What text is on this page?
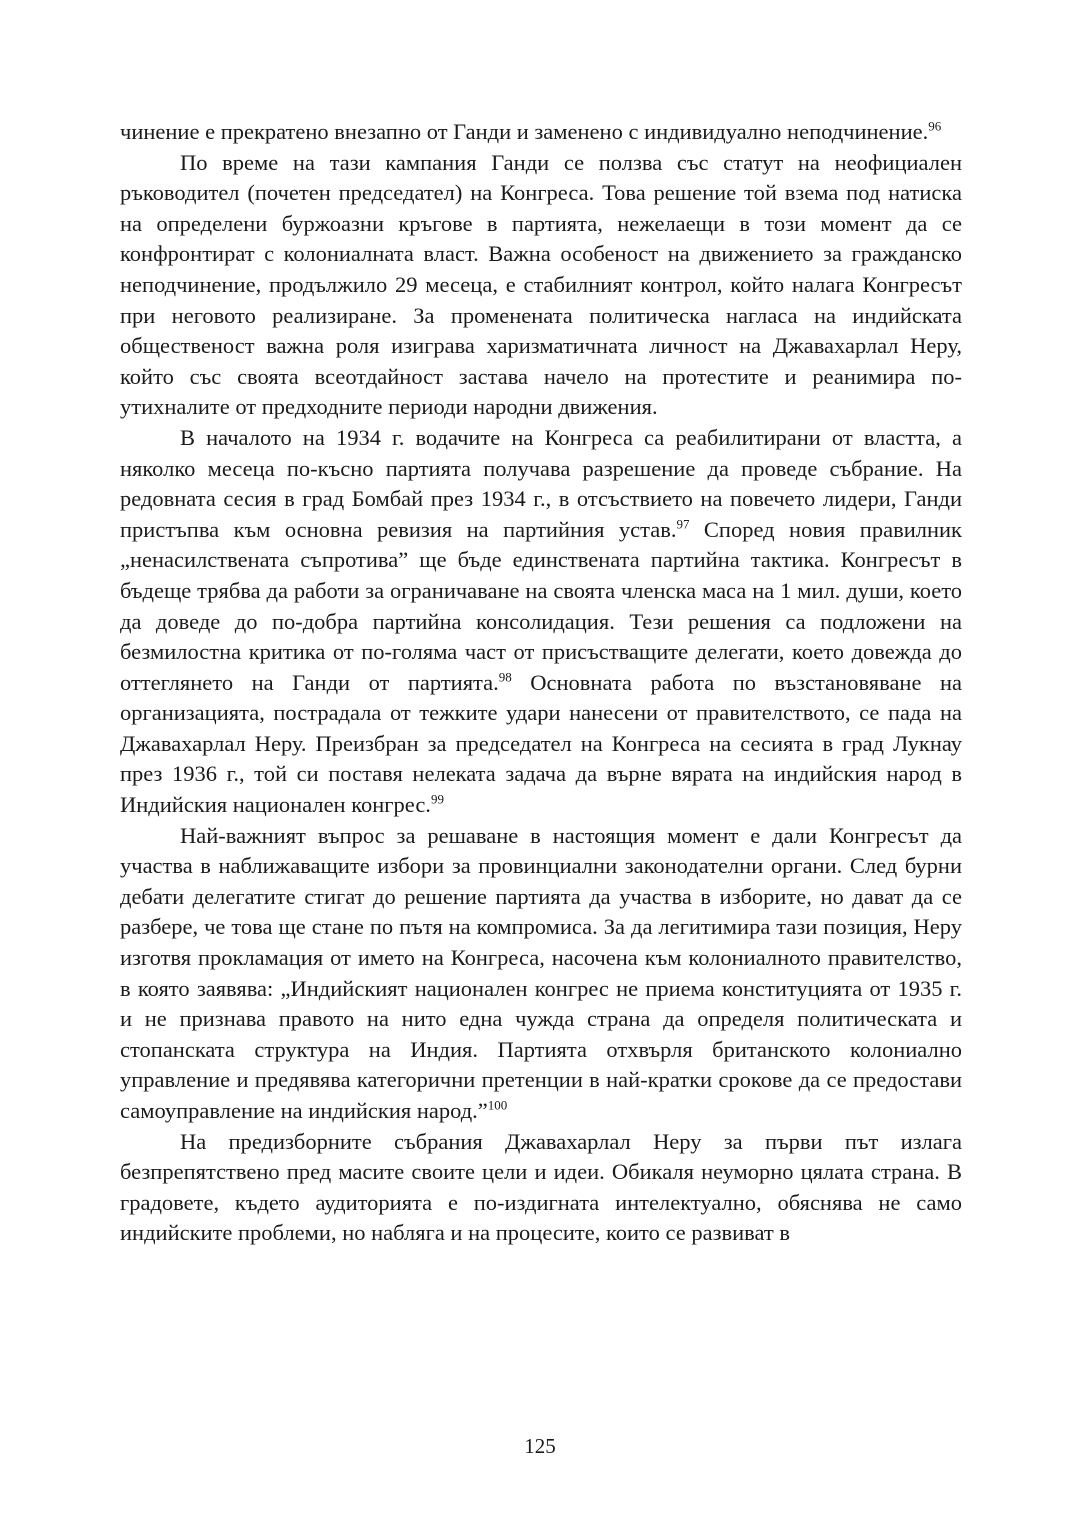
чинение е прекратено внезапно от Ганди и заменено с индивидуално неподчинение.$^{96}$

По време на тази кампания Ганди се ползва със статут на неофициален ръководител (почетен председател) на Конгреса. Това решение той взема под натиска на определени буржоазни кръгове в партията, нежелаещи в този момент да се конфронтират с колониалната власт. Важна особеност на движението за гражданско неподчинение, продължило 29 месеца, е стабилният контрол, който налага Конгресът при неговото реализиране. За променената политическа нагласа на индийската общественост важна роля изиграва харизматичната личност на Джавахарлал Неру, който със своята всеотдайност застава начело на протестите и реанимира по-утихналите от предходните периоди народни движения.

В началото на 1934 г. водачите на Конгреса са реабилитирани от властта, а няколко месеца по-късно партията получава разрешение да проведе събрание. На редовната сесия в град Бомбай през 1934 г., в отсъствието на повечето лидери, Ганди пристъпва към основна ревизия на партийния устав.$^{97}$ Според новия правилник „ненасилствената съпротива” ще бъде единствената партийна тактика. Конгресът в бъдеще трябва да работи за ограничаване на своята членска маса на 1 мил. души, което да доведе до по-добра партийна консолидация. Тези решения са подложени на безмилостна критика от по-голяма част от присъстващите делегати, което довежда до оттеглянето на Ганди от партията.$^{98}$ Основната работа по възстановяване на организацията, пострадала от тежките удари нанесени от правителството, се пада на Джавахарлал Неру. Преизбран за председател на Конгреса на сесията в град Лукнау през 1936 г., той си поставя нелеката задача да върне вярата на индийския народ в Индийския национален конгрес.$^{99}$

Най-важният въпрос за решаване в настоящия момент е дали Конгресът да участва в наближаващите избори за провинциални законодателни органи. След бурни дебати делегатите стигат до решение партията да участва в изборите, но дават да се разбере, че това ще стане по пътя на компромиса. За да легитимира тази позиция, Неру изготвя прокламация от името на Конгреса, насочена към колониалното правителство, в която заявява: „Индийският национален конгрес не приема конституцията от 1935 г. и не признава правото на нито една чужда страна да определя политическата и стопанската структура на Индия. Партията отхвърля британското колониално управление и предявява категорични претенции в най-кратки срокове да се предостави самоуправление на индийския народ.”$^{100}$

На предизборните събрания Джавахарлал Неру за първи път излага безпрепятствено пред масите своите цели и идеи. Обикаля неуморно цялата страна. В градовете, където аудиторията е по-издигната интелектуално, обяснява не само индийските проблеми, но набляга и на процесите, които се развиват в

125
